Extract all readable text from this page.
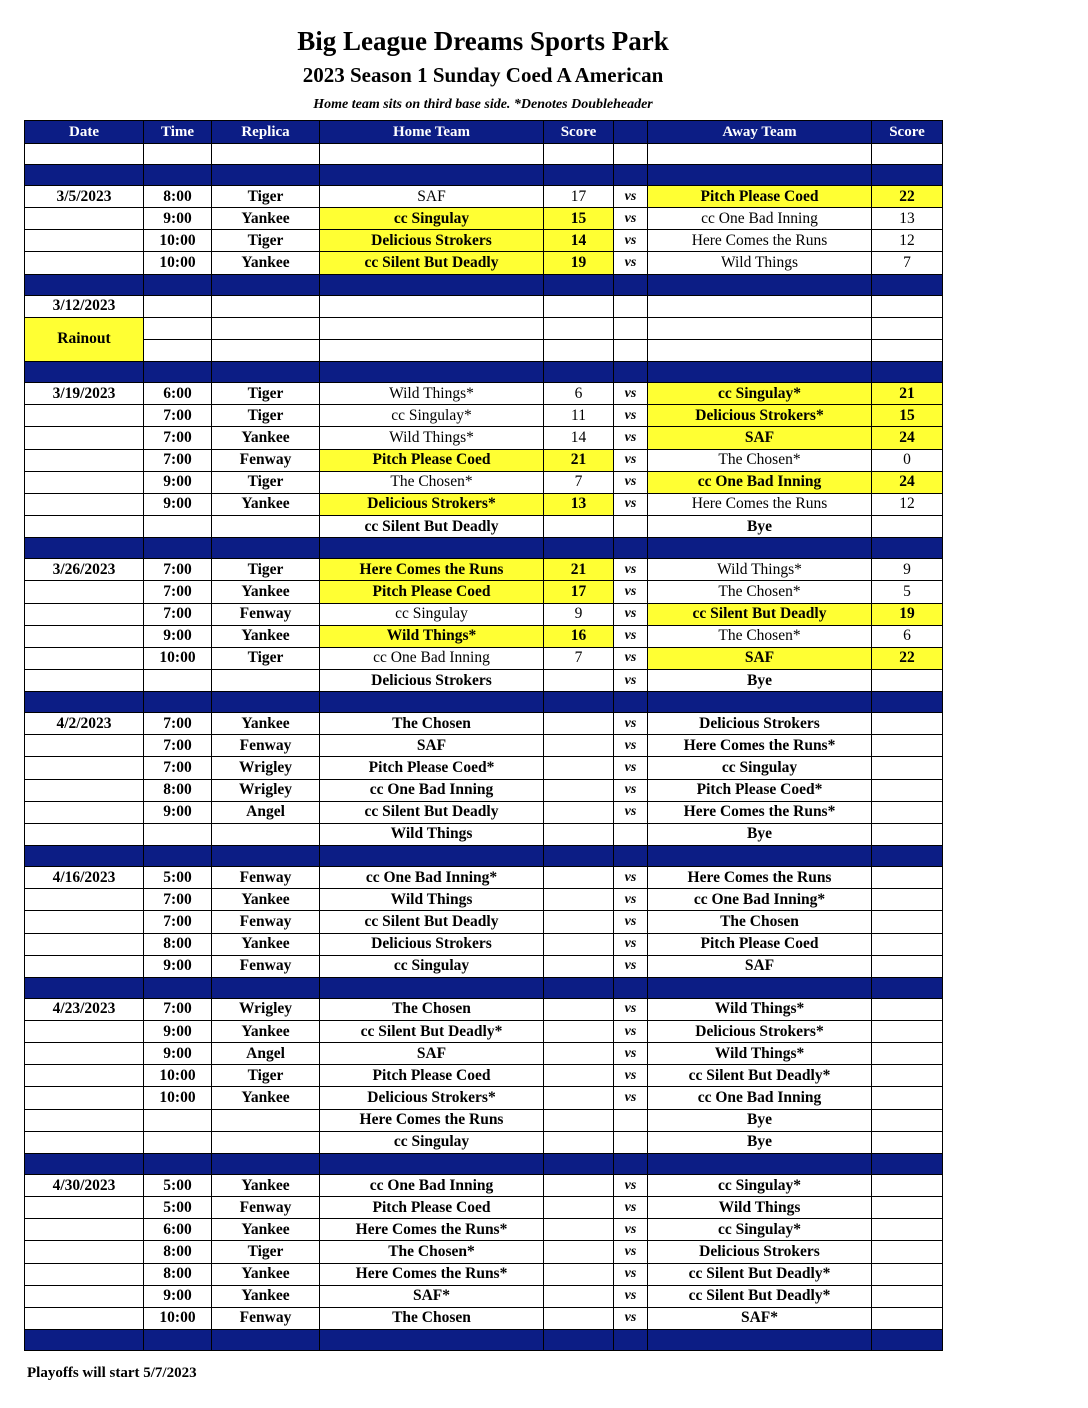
Big League Dreams Sports Park
2023 Season 1 Sunday Coed A American
Home team sits on third base side. *Denotes Doubleheader
Date	Time	Replica	Home Team	Score		Away Team	Score

3/5/2023	8:00	Tiger	SAF	17	vs	Pitch Please Coed	22
	9:00	Yankee	cc Singulay	15	vs	cc One Bad Inning	13
	10:00	Tiger	Delicious Strokers	14	vs	Here Comes the Runs	12
	10:00	Yankee	cc Silent But Deadly	19	vs	Wild Things	7

3/12/2023							
Rainout							

3/19/2023	6:00	Tiger	Wild Things*	6	vs	cc Singulay*	21
	7:00	Tiger	cc Singulay*	11	vs	Delicious Strokers*	15
	7:00	Yankee	Wild Things*	14	vs	SAF	24
	7:00	Fenway	Pitch Please Coed	21	vs	The Chosen*	0
	9:00	Tiger	The Chosen*	7	vs	cc One Bad Inning	24
	9:00	Yankee	Delicious Strokers*	13	vs	Here Comes the Runs	12
			cc Silent But Deadly			Bye	

3/26/2023	7:00	Tiger	Here Comes the Runs	21	vs	Wild Things*	9
	7:00	Yankee	Pitch Please Coed	17	vs	The Chosen*	5
	7:00	Fenway	cc Singulay	9	vs	cc Silent But Deadly	19
	9:00	Yankee	Wild Things*	16	vs	The Chosen*	6
	10:00	Tiger	cc One Bad Inning	7	vs	SAF	22
			Delicious Strokers		vs	Bye	

4/2/2023	7:00	Yankee	The Chosen		vs	Delicious Strokers	
	7:00	Fenway	SAF		vs	Here Comes the Runs*	
	7:00	Wrigley	Pitch Please Coed*		vs	cc Singulay	
	8:00	Wrigley	cc One Bad Inning		vs	Pitch Please Coed*	
	9:00	Angel	cc Silent But Deadly		vs	Here Comes the Runs*	
			Wild Things			Bye	

4/16/2023	5:00	Fenway	cc One Bad Inning*		vs	Here Comes the Runs	
	7:00	Yankee	Wild Things		vs	cc One Bad Inning*	
	7:00	Fenway	cc Silent But Deadly		vs	The Chosen	
	8:00	Yankee	Delicious Strokers		vs	Pitch Please Coed	
	9:00	Fenway	cc Singulay		vs	SAF	

4/23/2023	7:00	Wrigley	The Chosen		vs	Wild Things*	
	9:00	Yankee	cc Silent But Deadly*		vs	Delicious Strokers*	
	9:00	Angel	SAF		vs	Wild Things*	
	10:00	Tiger	Pitch Please Coed		vs	cc Silent But Deadly*	
	10:00	Yankee	Delicious Strokers*		vs	cc One Bad Inning	
			Here Comes the Runs			Bye	
			cc Singulay			Bye	

4/30/2023	5:00	Yankee	cc One Bad Inning		vs	cc Singulay*	
	5:00	Fenway	Pitch Please Coed		vs	Wild Things	
	6:00	Yankee	Here Comes the Runs*		vs	cc Singulay*	
	8:00	Tiger	The Chosen*		vs	Delicious Strokers	
	8:00	Yankee	Here Comes the Runs*		vs	cc Silent But Deadly*	
	9:00	Yankee	SAF*		vs	cc Silent But Deadly*	
	10:00	Fenway	The Chosen		vs	SAF*	

Playoffs will start 5/7/2023
